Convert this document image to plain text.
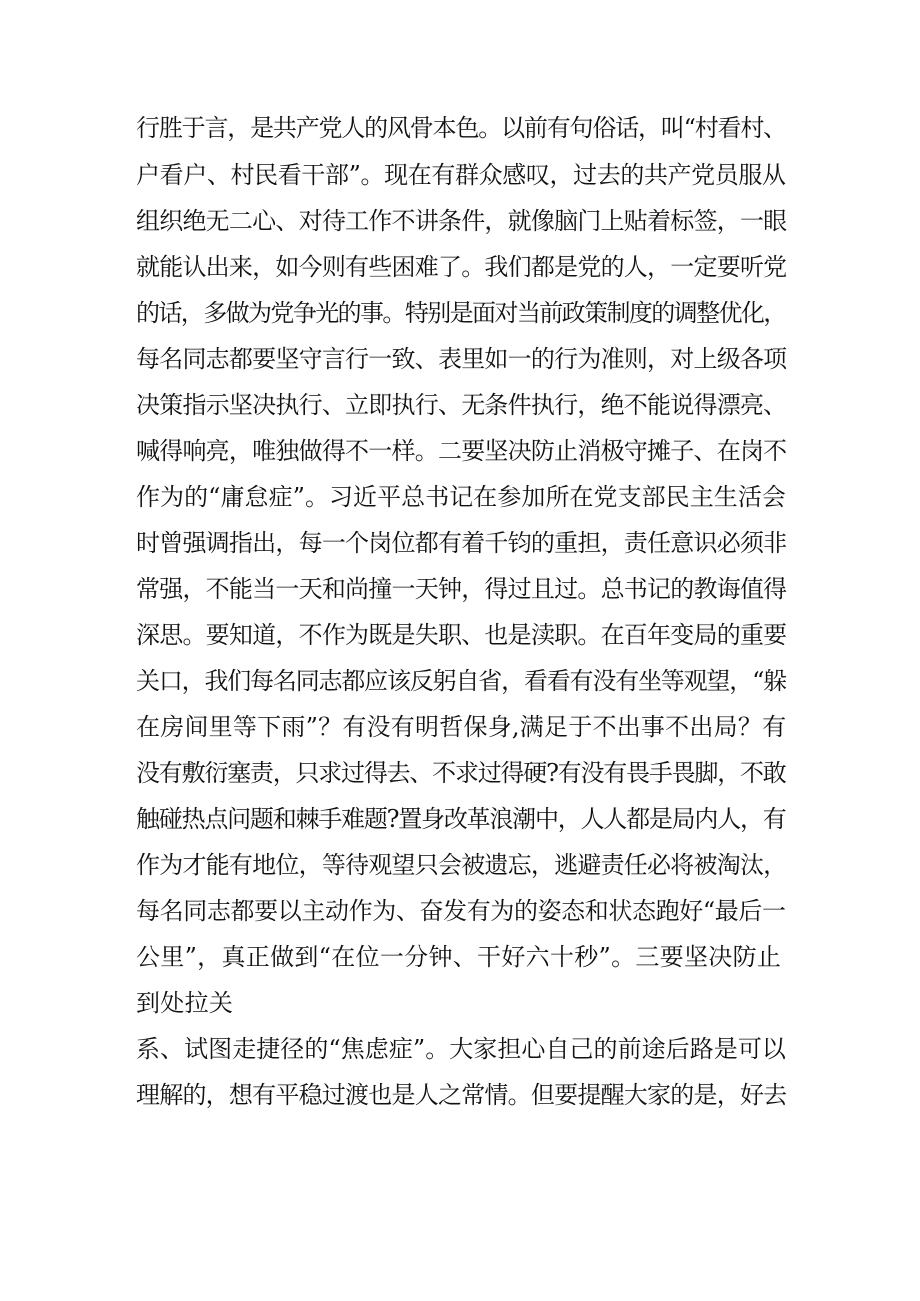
行胜于言，是共产党人的风骨本色。以前有句俗话，叫“村看村、
户看户、村民看干部”。现在有群众感叹，过去的共产党员服从
组织绝无二心、对待工作不讲条件，就像脑门上贴着标签，一眼
就能认出来，如今则有些困难了。我们都是党的人，一定要听党
的话，多做为党争光的事。特别是面对当前政策制度的调整优化，
每名同志都要坚守言行一致、表里如一的行为准则，对上级各项
决策指示坚决执行、立即执行、无条件执行，绝不能说得漂亮、
喊得响亮，唯独做得不一样。二要坚决防止消极守摊子、在岗不
作为的“庸怠症”。习近平总书记在参加所在党支部民主生活会
时曾强调指出，每一个岗位都有着千钧的重担，责任意识必须非
常强，不能当一天和尚撞一天钟，得过且过。总书记的教诲值得
深思。要知道，不作为既是失职、也是渎职。在百年变局的重要
关口，我们每名同志都应该反躬自省，看看有没有坐等观望，“躲
在房间里等下雨”？有没有明哲保身,满足于不出事不出局？有
没有敷衍塞责，只求过得去、不求过得硬?有没有畏手畏脚，不敢
触碰热点问题和棘手难题?置身改革浪潮中，人人都是局内人，有
作为才能有地位，等待观望只会被遗忘，逃避责任必将被淘汰，
每名同志都要以主动作为、奋发有为的姿态和状态跑好“最后一
公里”，真正做到“在位一分钟、干好六十秒”。三要坚决防止
到处拉关
系、试图走捷径的“焦虑症”。大家担心自己的前途后路是可以
理解的，想有平稳过渡也是人之常情。但要提醒大家的是，好去
